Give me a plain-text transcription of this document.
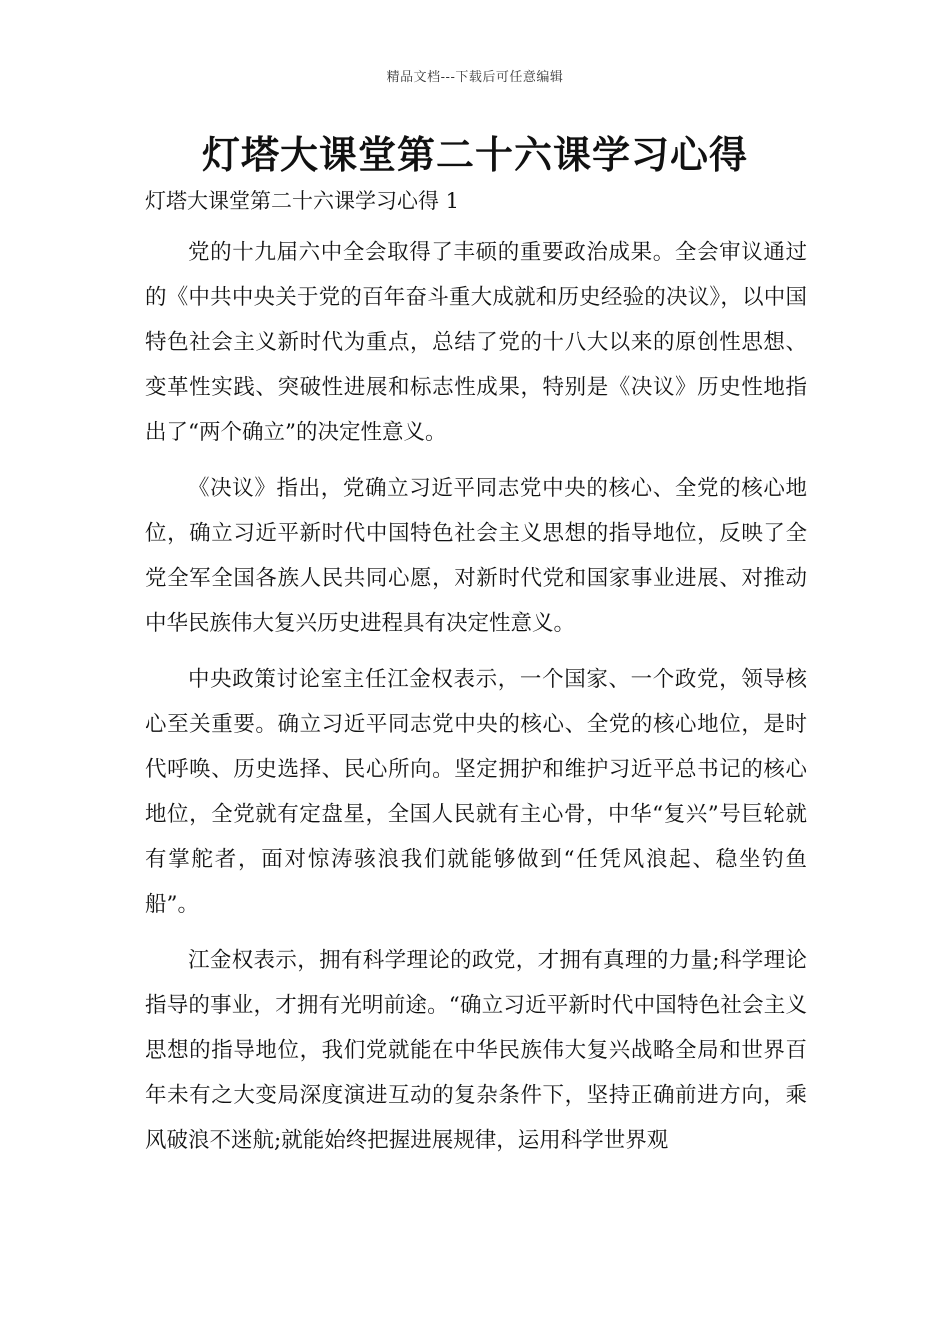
精品文档---下载后可任意编辑
灯塔大课堂第二十六课学习心得

灯塔大课堂第二十六课学习心得 1

党的十九届六中全会取得了丰硕的重要政治成果。全会审议通过的《中共中央关于党的百年奋斗重大成就和历史经验的决议》，以中国特色社会主义新时代为重点，总结了党的十八大以来的原创性思想、变革性实践、突破性进展和标志性成果，特别是《决议》历史性地指出了“两个确立”的决定性意义。

《决议》指出，党确立习近平同志党中央的核心、全党的核心地位，确立习近平新时代中国特色社会主义思想的指导地位，反映了全党全军全国各族人民共同心愿，对新时代党和国家事业进展、对推动中华民族伟大复兴历史进程具有决定性意义。

中央政策讨论室主任江金权表示，一个国家、一个政党，领导核心至关重要。确立习近平同志党中央的核心、全党的核心地位，是时代呼唤、历史选择、民心所向。坚定拥护和维护习近平总书记的核心地位，全党就有定盘星，全国人民就有主心骨，中华“复兴”号巨轮就有掌舵者，面对惊涛骇浪我们就能够做到“任凭风浪起、稳坐钓鱼船”。

江金权表示，拥有科学理论的政党，才拥有真理的力量;科学理论指导的事业，才拥有光明前途。“确立习近平新时代中国特色社会主义思想的指导地位，我们党就能在中华民族伟大复兴战略全局和世界百年未有之大变局深度演进互动的复杂条件下，坚持正确前进方向，乘风破浪不迷航;就能始终把握进展规律，运用科学世界观
